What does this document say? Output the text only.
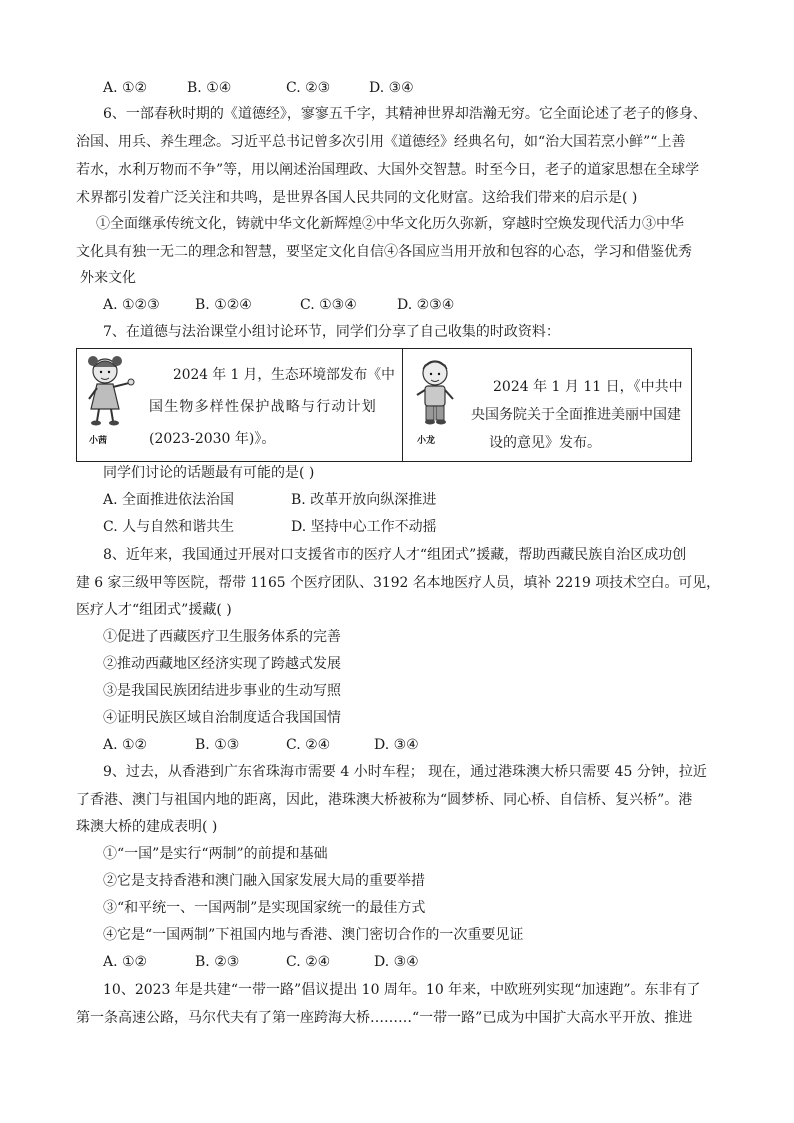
A. ①②	B. ①④	C. ②③	D. ③④
6、一部春秋时期的《道德经》，寥寥五千字，其精神世界却浩瀚无穷。它全面论述了老子的修身、
治国、用兵、养生理念。习近平总书记曾多次引用《道德经》经典名句，如“治大国若烹小鲜”“上善
若水，水利万物而不争”等，用以阐述治国理政、大国外交智慧。时至今日，老子的道家思想在全球学
术界都引发着广泛关注和共鸣，是世界各国人民共同的文化财富。这给我们带来的启示是( )
①全面继承传统文化，铸就中华文化新辉煌②中华文化历久弥新，穿越时空焕发现代活力③中华
文化具有独一无二的理念和智慧，要坚定文化自信④各国应当用开放和包容的心态，学习和借鉴优秀
外来文化
A. ①②③	B. ①②④	C. ①③④	D. ②③④
7、在道德与法治课堂小组讨论环节，同学们分享了自己收集的时政资料：
小茜
2024 年 1 月，生态环境部发布《中
国生物多样性保护战略与行动计划
(2023-2030 年)》。	小龙
2024 年 1 月 11 日，《中共中
央国务院关于全面推进美丽中国建
设的意见》发布。
同学们讨论的话题最有可能的是( )
A. 全面推进依法治国	B. 改革开放向纵深推进
C. 人与自然和谐共生	D. 坚持中心工作不动摇
8、近年来，我国通过开展对口支援省市的医疗人才“组团式”援藏，帮助西藏民族自治区成功创
建 6 家三级甲等医院，帮带 1165 个医疗团队、3192 名本地医疗人员，填补 2219 项技术空白。可见，
医疗人才“组团式”援藏( )
①促进了西藏医疗卫生服务体系的完善
②推动西藏地区经济实现了跨越式发展
③是我国民族团结进步事业的生动写照
④证明民族区域自治制度适合我国国情
A. ①②	B. ①③	C. ②④	D. ③④
9、过去，从香港到广东省珠海市需要 4 小时车程； 现在，通过港珠澳大桥只需要 45 分钟，拉近
了香港、澳门与祖国内地的距离，因此，港珠澳大桥被称为“圆梦桥、同心桥、自信桥、复兴桥”。港
珠澳大桥的建成表明( )
①“一国”是实行“两制”的前提和基础
②它是支持香港和澳门融入国家发展大局的重要举措
③“和平统一、一国两制”是实现国家统一的最佳方式
④它是“一国两制”下祖国内地与香港、澳门密切合作的一次重要见证
A. ①②	B. ②③	C. ②④	D. ③④
10、2023 年是共建“一带一路”倡议提出 10 周年。10 年来，中欧班列实现“加速跑”。东非有了
第一条高速公路，马尔代夫有了第一座跨海大桥………“一带一路”已成为中国扩大高水平开放、推进
